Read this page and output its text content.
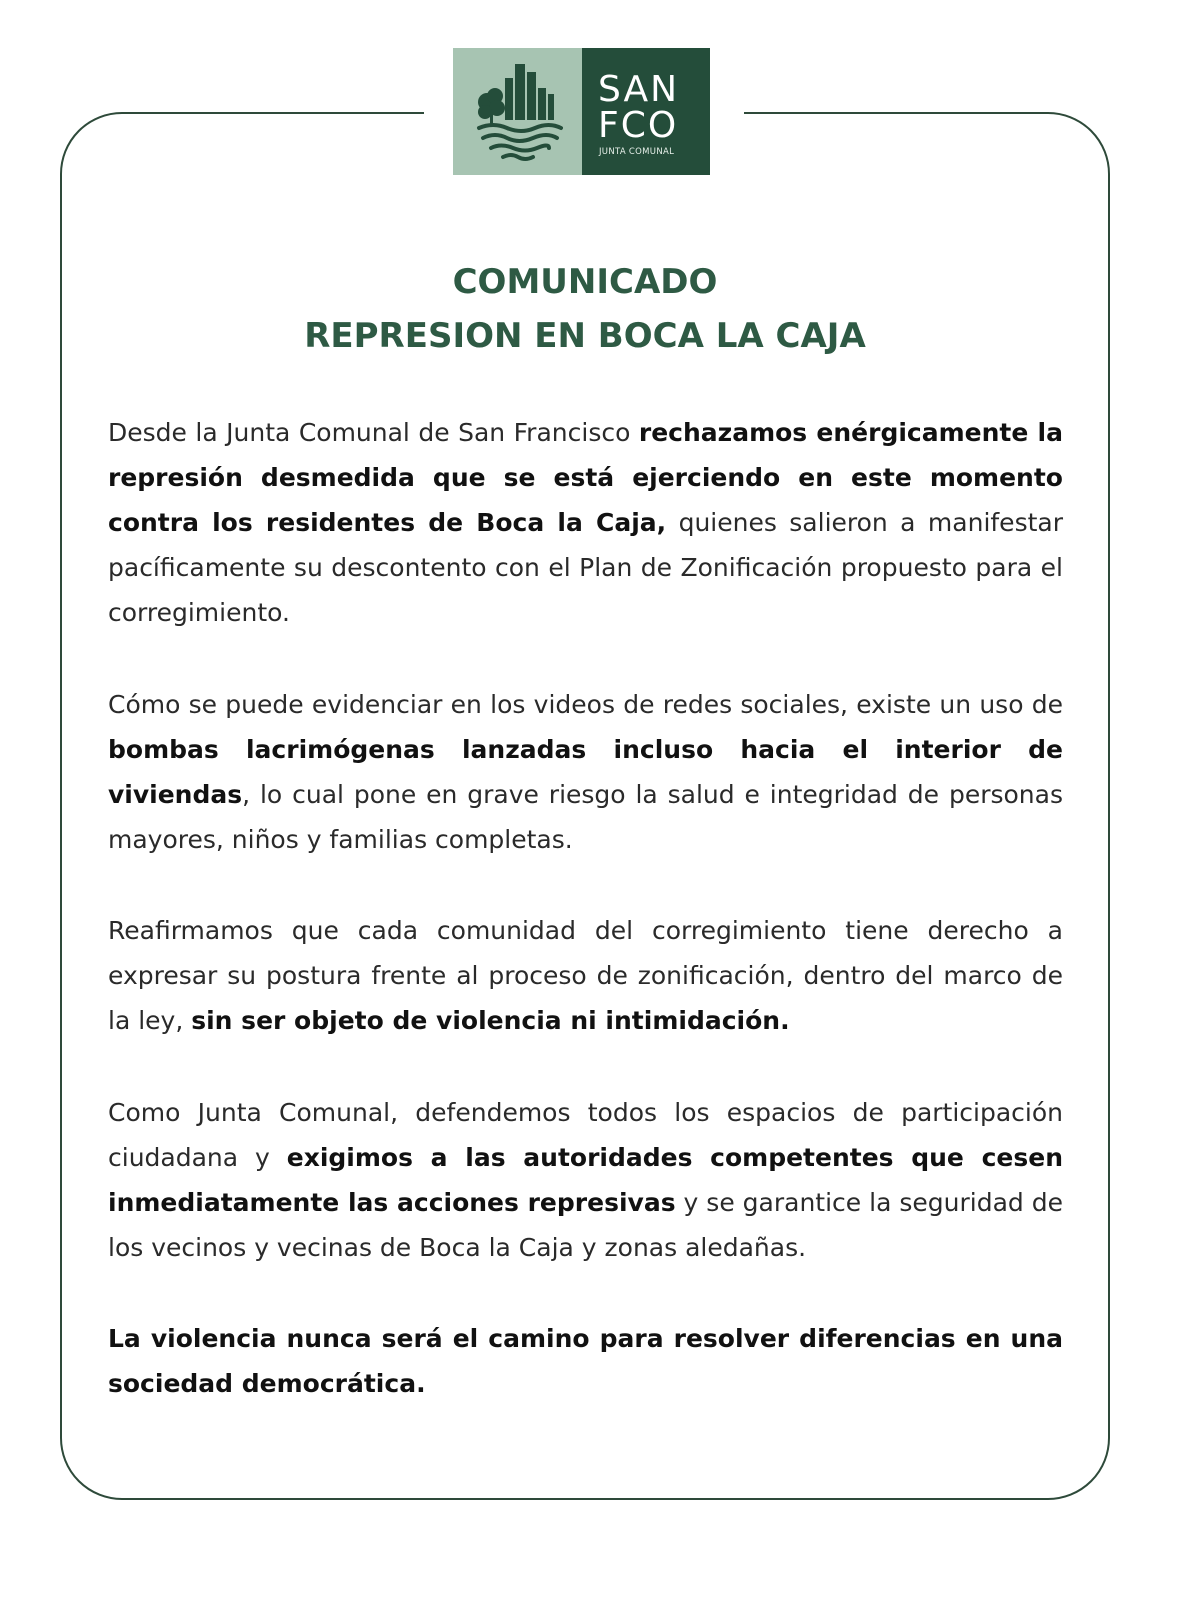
SAN
FCO
JUNTA COMUNAL
COMUNICADO
REPRESION EN BOCA LA CAJA

Desde la Junta Comunal de San Francisco rechazamos enérgicamente la represión desmedida que se está ejerciendo en este momento contra los residentes de Boca la Caja, quienes salieron a manifestar pacíficamente su descontento con el Plan de Zonificación propuesto para el corregimiento.

Cómo se puede evidenciar en los videos de redes sociales, existe un uso de bombas lacrimógenas lanzadas incluso hacia el interior de viviendas, lo cual pone en grave riesgo la salud e integridad de personas mayores, niños y familias completas.

Reafirmamos que cada comunidad del corregimiento tiene derecho a expresar su postura frente al proceso de zonificación, dentro del marco de la ley, sin ser objeto de violencia ni intimidación.

Como Junta Comunal, defendemos todos los espacios de participación ciudadana y exigimos a las autoridades competentes que cesen inmediatamente las acciones represivas y se garantice la seguridad de los vecinos y vecinas de Boca la Caja y zonas aledañas.

La violencia nunca será el camino para resolver diferencias en una sociedad democrática.
